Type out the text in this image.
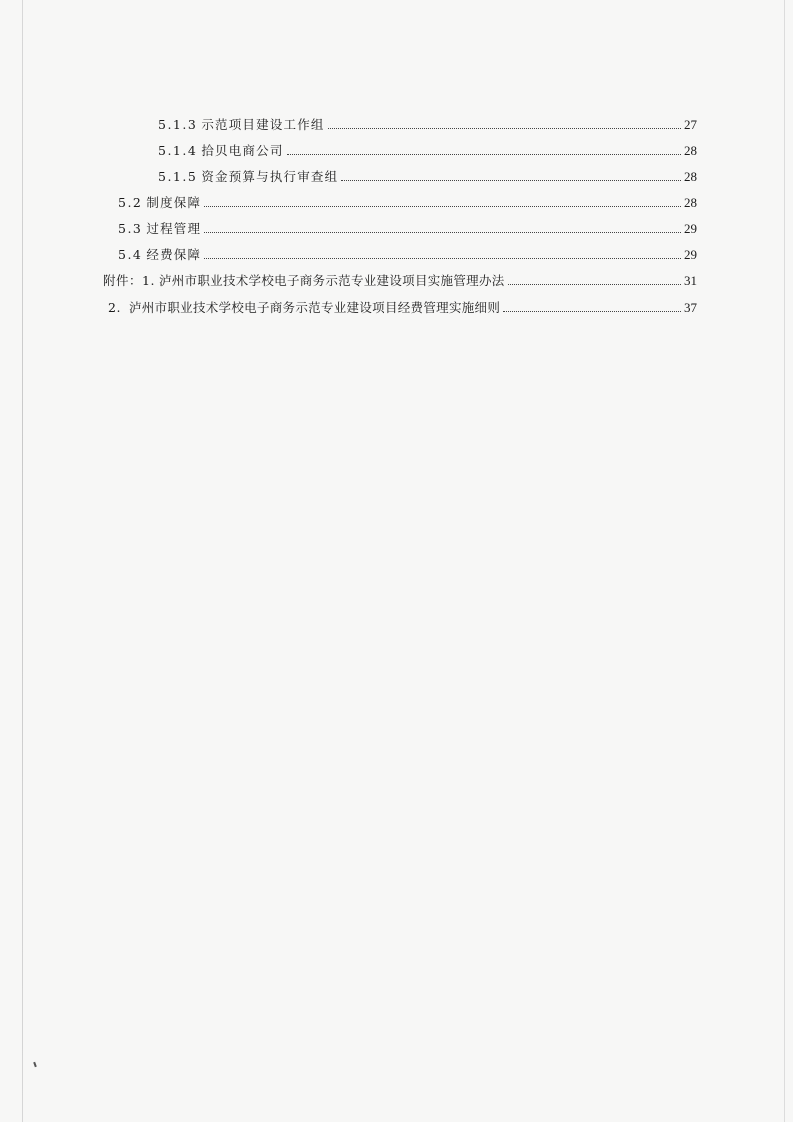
5.1.3 示范项目建设工作组	27
5.1.4 拾贝电商公司	28
5.1.5 资金预算与执行审查组	28
5.2 制度保障	28
5.3 过程管理	29
5.4 经费保障	29
附件：1. 泸州市职业技术学校电子商务示范专业建设项目实施管理办法	31
2. 泸州市职业技术学校电子商务示范专业建设项目经费管理实施细则	37
